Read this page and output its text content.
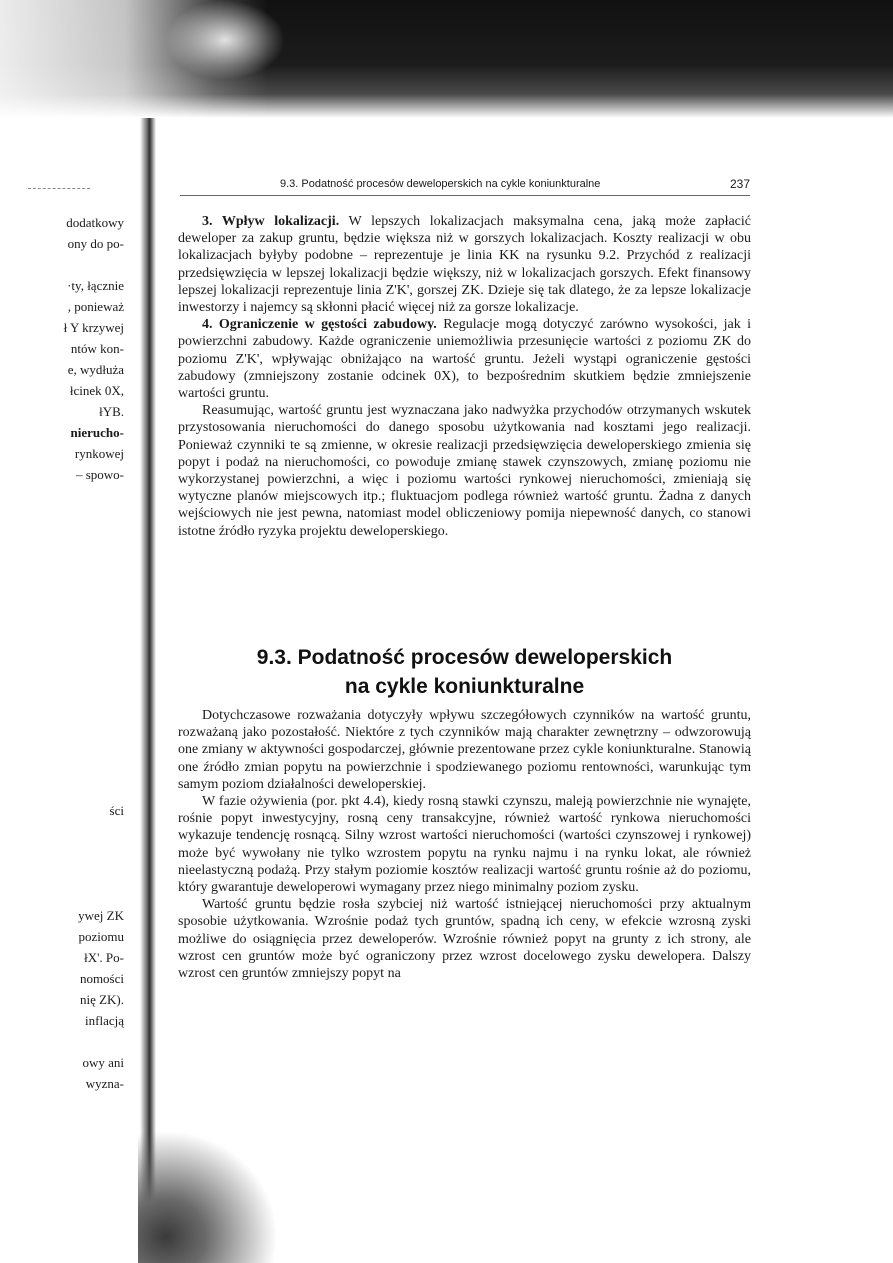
dodatkowy
ony do po-
·ty, łącznie
, ponieważ
ł Y krzywej
ntów kon-
e, wydłuża
łcinek 0X,
łYB.
nierucho-
rynkowej
– spowo-
ści
ywej ZK
poziomu
łX'. Po-
nomości
nię ZK).
inflacją
owy ani
wyzna-
9.3. Podatność procesów deweloperskich na cykle koniunkturalne	237

3. Wpływ lokalizacji. W lepszych lokalizacjach maksymalna cena, jaką może zapłacić deweloper za zakup gruntu, będzie większa niż w gorszych lokalizacjach. Koszty realizacji w obu lokalizacjach byłyby podobne – reprezentuje je linia KK na rysunku 9.2. Przychód z realizacji przedsięwzięcia w lepszej lokalizacji będzie większy, niż w lokalizacjach gorszych. Efekt finansowy lepszej lokalizacji reprezentuje linia Z'K', gorszej ZK. Dzieje się tak dlatego, że za lepsze lokalizacje inwestorzy i najemcy są skłonni płacić więcej niż za gorsze lokalizacje.

4. Ograniczenie w gęstości zabudowy. Regulacje mogą dotyczyć zarówno wysokości, jak i powierzchni zabudowy. Każde ograniczenie uniemożliwia przesunięcie wartości z poziomu ZK do poziomu Z'K', wpływając obniżająco na wartość gruntu. Jeżeli wystąpi ograniczenie gęstości zabudowy (zmniejszony zostanie odcinek 0X), to bezpośrednim skutkiem będzie zmniejszenie wartości gruntu.

Reasumując, wartość gruntu jest wyznaczana jako nadwyżka przychodów otrzymanych wskutek przystosowania nieruchomości do danego sposobu użytkowania nad kosztami jego realizacji. Ponieważ czynniki te są zmienne, w okresie realizacji przedsięwzięcia deweloperskiego zmienia się popyt i podaż na nieruchomości, co powoduje zmianę stawek czynszowych, zmianę poziomu nie wykorzystanej powierzchni, a więc i poziomu wartości rynkowej nieruchomości, zmieniają się wytyczne planów miejscowych itp.; fluktuacjom podlega również wartość gruntu. Żadna z danych wejściowych nie jest pewna, natomiast model obliczeniowy pomija niepewność danych, co stanowi istotne źródło ryzyka projektu deweloperskiego.

9.3. Podatność procesów deweloperskich
na cykle koniunkturalne

Dotychczasowe rozważania dotyczyły wpływu szczegółowych czynników na wartość gruntu, rozważaną jako pozostałość. Niektóre z tych czynników mają charakter zewnętrzny – odwzorowują one zmiany w aktywności gospodarczej, głównie prezentowane przez cykle koniunkturalne. Stanowią one źródło zmian popytu na powierzchnie i spodziewanego poziomu rentowności, warunkując tym samym poziom działalności deweloperskiej.

W fazie ożywienia (por. pkt 4.4), kiedy rosną stawki czynszu, maleją powierzchnie nie wynajęte, rośnie popyt inwestycyjny, rosną ceny transakcyjne, również wartość rynkowa nieruchomości wykazuje tendencję rosnącą. Silny wzrost wartości nieruchomości (wartości czynszowej i rynkowej) może być wywołany nie tylko wzrostem popytu na rynku najmu i na rynku lokat, ale również nieelastyczną podażą. Przy stałym poziomie kosztów realizacji wartość gruntu rośnie aż do poziomu, który gwarantuje deweloperowi wymagany przez niego minimalny poziom zysku.

Wartość gruntu będzie rosła szybciej niż wartość istniejącej nieruchomości przy aktualnym sposobie użytkowania. Wzrośnie podaż tych gruntów, spadną ich ceny, w efekcie wzrosną zyski możliwe do osiągnięcia przez deweloperów. Wzrośnie również popyt na grunty z ich strony, ale wzrost cen gruntów może być ograniczony przez wzrost docelowego zysku dewelopera. Dalszy wzrost cen gruntów zmniejszy popyt na
